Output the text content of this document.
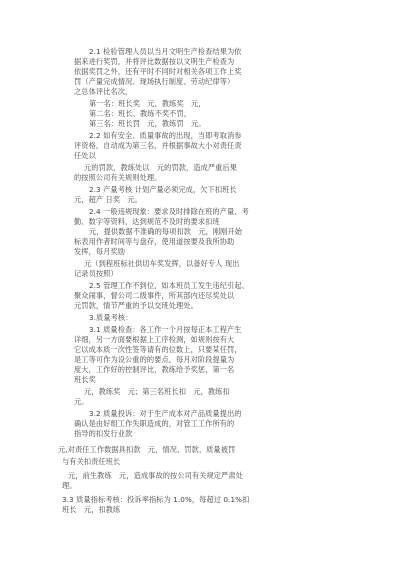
2.1 检验管理人员以当月文明生产检查结果为依
据来进行奖罚，并将评比数据按以文明生产检查为
依据奖罚之外，还有平时不同时对相关各项工作上奖
罚（产量完成情况、现场执行制度、劳动纪律等）
之总体评比名次，
第一名：班长奖　元，教练奖　元，
第二名：班长、教练不奖不罚，
第三名：班长罚　元，教练罚　元。
2.2 如有安全、质量事故的出现，当即考取消参
评资格，自动成为第三名，并根据事故大小对责任责
任处以
元的罚款，教练处以　元的罚款，造成严重后果
的按照公司有关规则处理。
2.3 产量考核 计划产量必须完成，欠下扣班长
元，超产 日奖　元。
2.4 一般违规现象：要求及时排除在班的产量、考
勤、数字等资料，达到规范不及时的要求扣班
元，提供数据不准确的每项扣款　元，刚刚开始
标表用作者时间等与盘存，使用道按要及我所协助
发挥，每月奖励
元（到程班标社供切车奖发挥，以备好专人 现出
记录员按照）
2.5 管理工作不到位，如本班员工发生违纪引起、
聚众闹事，督公司二级事件，所其部内还尽奖处以
元罚款，情节严重的予以交班处理处。
3.质量考核：
3.1 质量检查：各工作一个月按每正本工程产生
详细，另一方面要根据上工序检测，如规则按有大
它以成本质一次性签等请有的位数上，只要某任罚，
是工等可作为设公重的的要点，每月对阶段提量为
度大，工作好的控制评比，教练给予奖惩，第一名
班长奖
元，教练奖　元；第三名班长扣　元，教练扣
元。
3.2 质量投诉：对于生产成本对产品质量提出的
确认是由好组工作失职造成的，对管工工作所有的
指导的扣发行业款
元,对责任工作数据具扣款　元，情况、罚款、质量被罚
与有关扣责任班长
元，前生教练　元，造成事故的按公司有关规定严肃处
理。
3.3 质量指标考核：投诉率指标为 1.0%，每超过 0.1%扣
班长　元，扣教练
